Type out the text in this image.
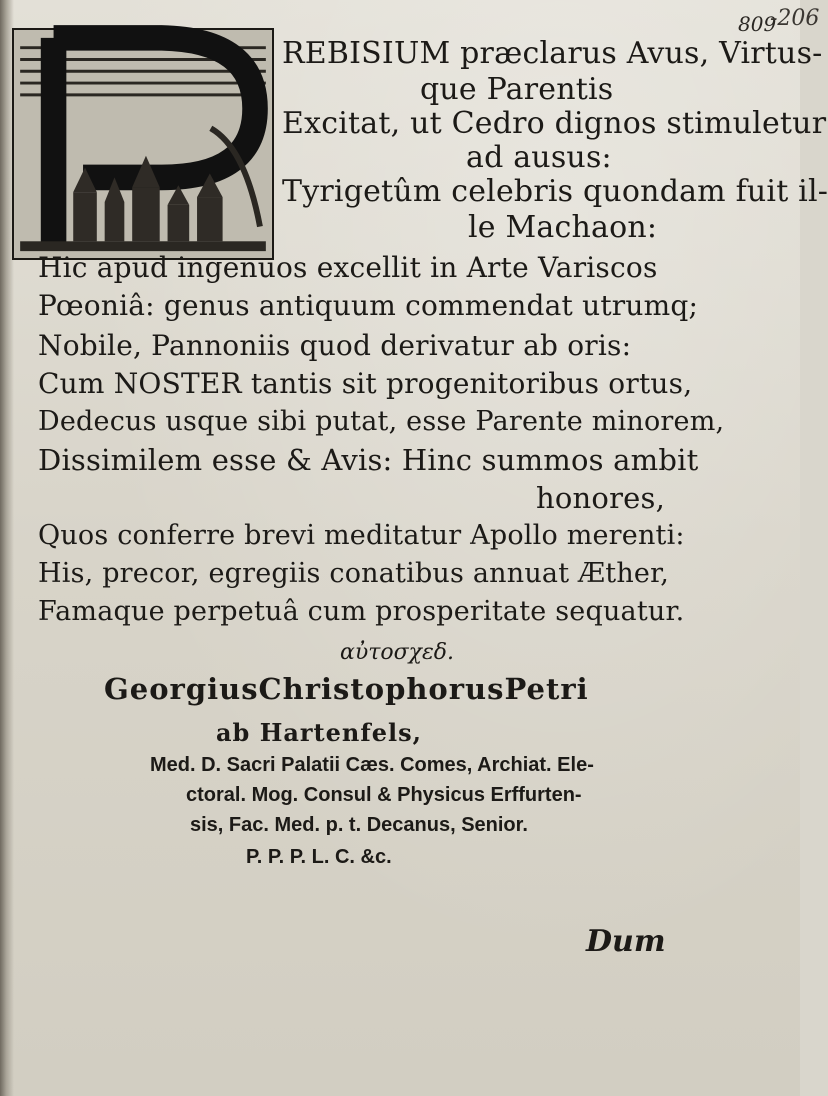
809
-206
REBISIUM præclarus Avus, Virtus-
que Parentis
Excitat, ut Cedro dignos stimuletur
ad ausus:
Tyrigetûm celebris quondam fuit il-
le Machaon:
Hic apud ingenuos excellit in Arte Variscos
Pœoniâ: genus antiquum commendat utrumq;
Nobile, Pannoniis quod derivatur ab oris:
Cum NOSTER tantis sit progenitoribus ortus,
Dedecus usque sibi putat, esse Parente minorem,
Dissimilem esse & Avis: Hinc summos ambit
honores,
Quos conferre brevi meditatur Apollo merenti:
His, precor, egregiis conatibus annuat Æther,
Famaque perpetuâ cum prosperitate sequatur.
αὐτοσχεδ.
GeorgiusChristophorusPetri
ab Hartenfels,
Med. D. Sacri Palatii Cæs. Comes, Archiat. Ele-
ctoral. Mog. Consul & Physicus Erffurten-
sis, Fac. Med. p. t. Decanus, Senior.
P. P. P. L. C. &c.
Dum
